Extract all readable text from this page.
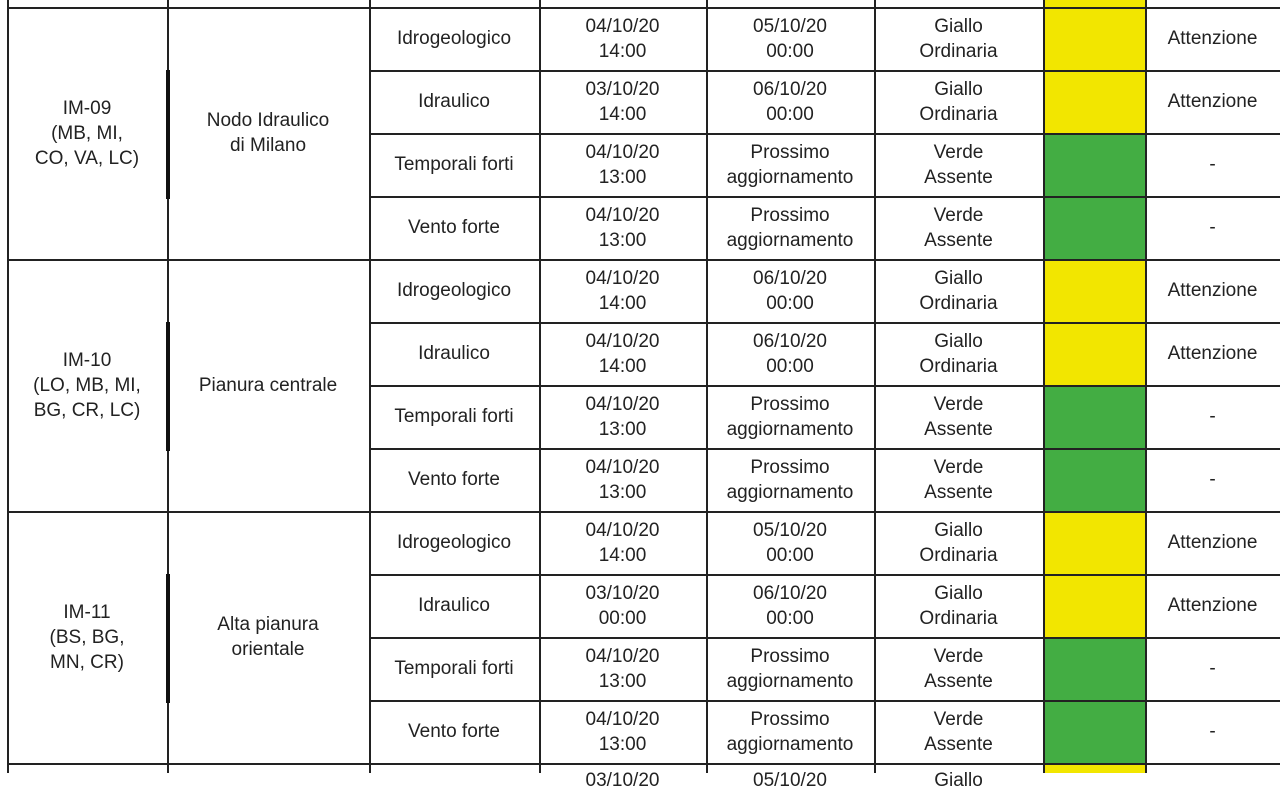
IM-09
(MB, MI,
CO, VA, LC)
Nodo Idraulico
di Milano
Idrogeologico
04/10/20
14:00
05/10/20
00:00
Giallo
Ordinaria
Attenzione
Idraulico
03/10/20
14:00
06/10/20
00:00
Giallo
Ordinaria
Attenzione
Temporali forti
04/10/20
13:00
Prossimo
aggiornamento
Verde
Assente
-
Vento forte
04/10/20
13:00
Prossimo
aggiornamento
Verde
Assente
-
IM-10
(LO, MB, MI,
BG, CR, LC)
Pianura centrale
Idrogeologico
04/10/20
14:00
06/10/20
00:00
Giallo
Ordinaria
Attenzione
Idraulico
04/10/20
14:00
06/10/20
00:00
Giallo
Ordinaria
Attenzione
Temporali forti
04/10/20
13:00
Prossimo
aggiornamento
Verde
Assente
-
Vento forte
04/10/20
13:00
Prossimo
aggiornamento
Verde
Assente
-
IM-11
(BS, BG,
MN, CR)
Alta pianura
orientale
Idrogeologico
04/10/20
14:00
05/10/20
00:00
Giallo
Ordinaria
Attenzione
Idraulico
03/10/20
00:00
06/10/20
00:00
Giallo
Ordinaria
Attenzione
Temporali forti
04/10/20
13:00
Prossimo
aggiornamento
Verde
Assente
-
Vento forte
04/10/20
13:00
Prossimo
aggiornamento
Verde
Assente
-
03/10/20	05/10/20	Giallo
